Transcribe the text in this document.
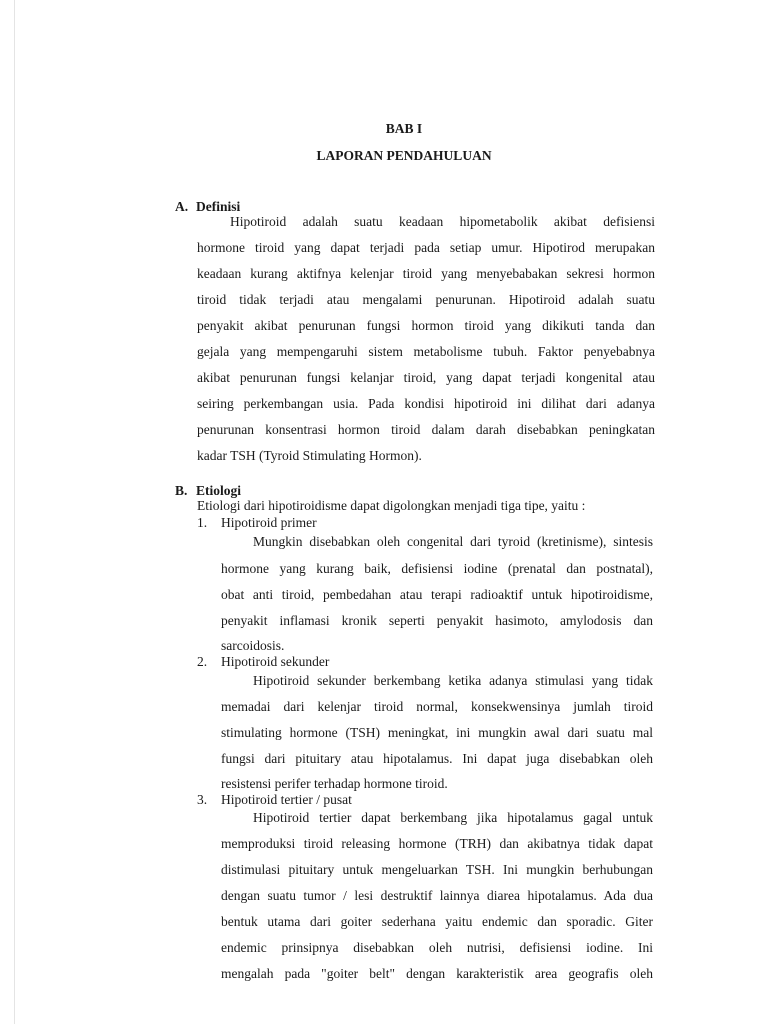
BAB I
LAPORAN PENDAHULUAN
A. Definisi
Hipotiroid adalah suatu keadaan hipometabolik akibat defisiensi
hormone tiroid yang dapat terjadi pada setiap umur. Hipotirod merupakan
keadaan kurang aktifnya kelenjar tiroid yang menyebabakan sekresi hormon
tiroid tidak terjadi atau mengalami penurunan. Hipotiroid adalah suatu
penyakit akibat penurunan fungsi hormon tiroid yang dikikuti tanda dan
gejala yang mempengaruhi sistem metabolisme tubuh. Faktor penyebabnya
akibat penurunan fungsi kelanjar tiroid, yang dapat terjadi kongenital atau
seiring perkembangan usia. Pada kondisi hipotiroid ini dilihat dari adanya
penurunan konsentrasi hormon tiroid dalam darah disebabkan peningkatan
kadar TSH (Tyroid Stimulating Hormon).
B. Etiologi
Etiologi dari hipotiroidisme dapat digolongkan menjadi tiga tipe, yaitu :
1. Hipotiroid primer
Mungkin disebabkan oleh congenital dari tyroid (kretinisme), sintesis
hormone yang kurang baik, defisiensi iodine (prenatal dan postnatal),
obat anti tiroid, pembedahan atau terapi radioaktif untuk hipotiroidisme,
penyakit inflamasi kronik seperti penyakit hasimoto, amylodosis dan
sarcoidosis.
2. Hipotiroid sekunder
Hipotiroid sekunder berkembang ketika adanya stimulasi yang tidak
memadai dari kelenjar tiroid normal, konsekwensinya jumlah tiroid
stimulating hormone (TSH) meningkat, ini mungkin awal dari suatu mal
fungsi dari pituitary atau hipotalamus. Ini dapat juga disebabkan oleh
resistensi perifer terhadap hormone tiroid.
3. Hipotiroid tertier / pusat
Hipotiroid tertier dapat berkembang jika hipotalamus gagal untuk
memproduksi tiroid releasing hormone (TRH) dan akibatnya tidak dapat
distimulasi pituitary untuk mengeluarkan TSH. Ini mungkin berhubungan
dengan suatu tumor / lesi destruktif lainnya diarea hipotalamus. Ada dua
bentuk utama dari goiter sederhana yaitu endemic dan sporadic. Giter
endemic prinsipnya disebabkan oleh nutrisi, defisiensi iodine. Ini
mengalah pada "goiter belt" dengan karakteristik area geografis oleh
